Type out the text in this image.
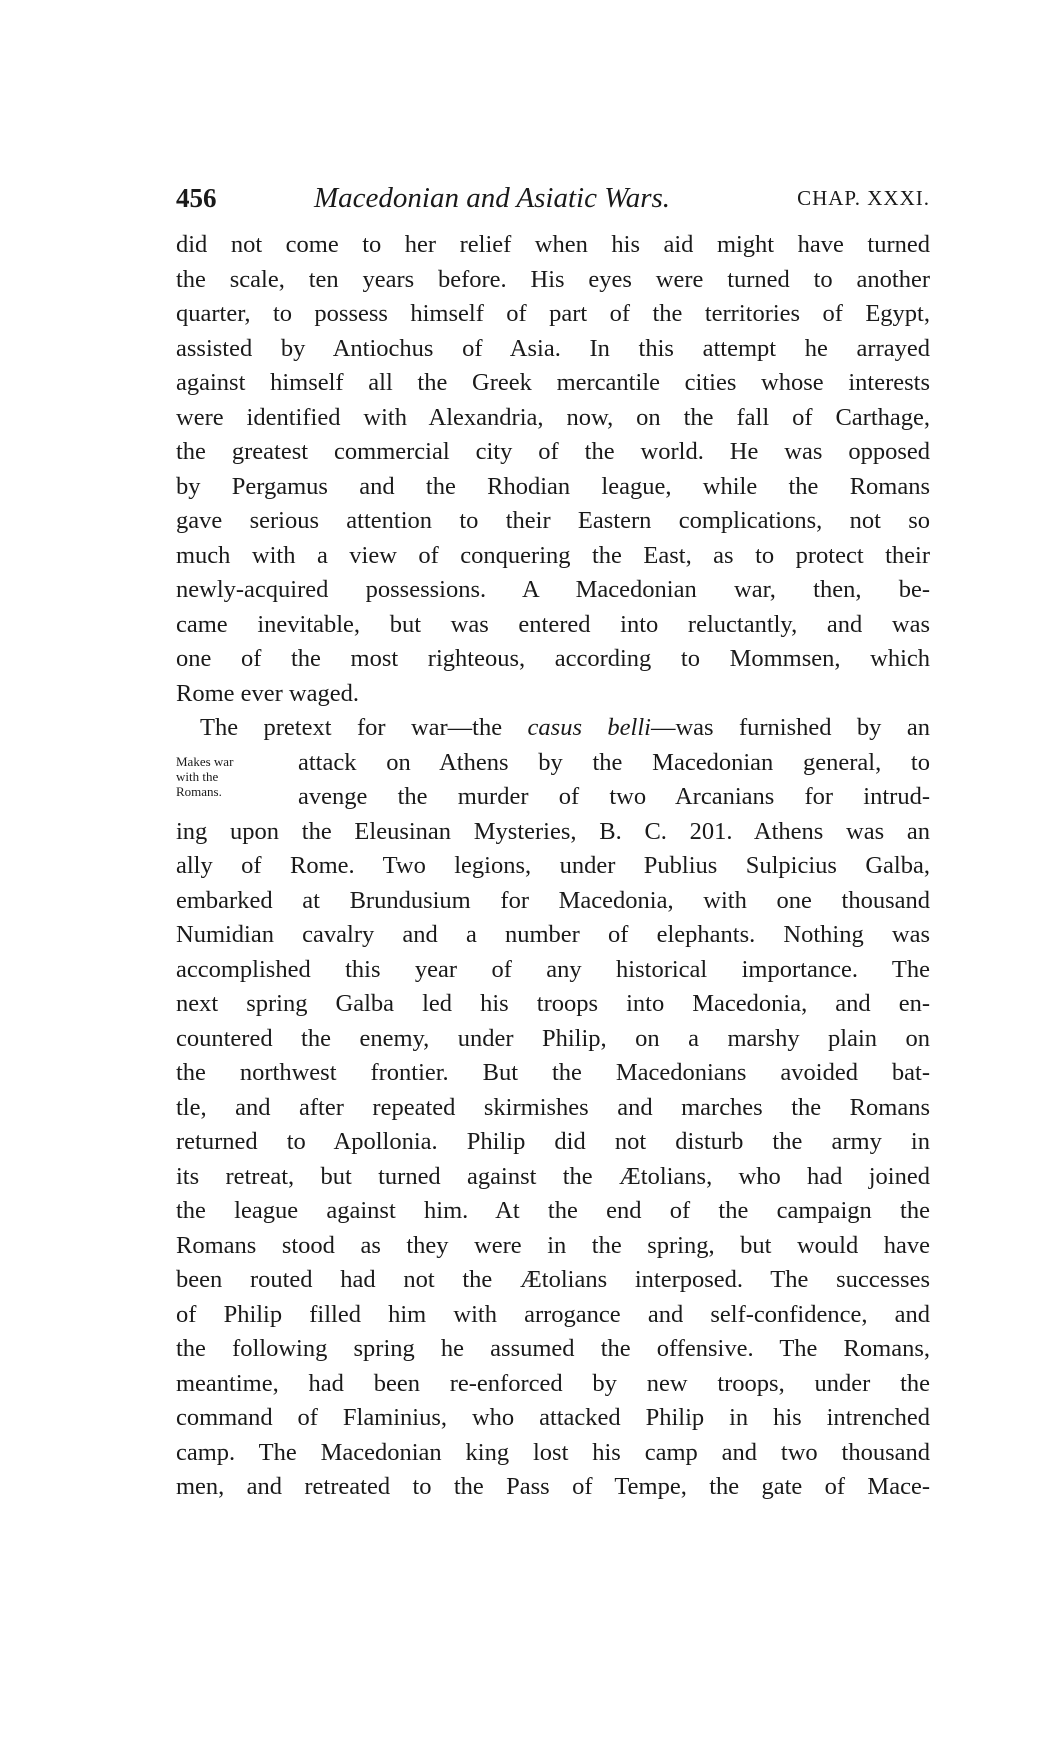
456	Macedonian and Asiatic Wars.	CHAP. XXXI.
Makes war
with the
Romans.
did not come to her relief when his aid might have turned
the scale, ten years before. His eyes were turned to another
quarter, to possess himself of part of the territories of Egypt,
assisted by Antiochus of Asia. In this attempt he arrayed
against himself all the Greek mercantile cities whose interests
were identified with Alexandria, now, on the fall of Carthage,
the greatest commercial city of the world. He was opposed
by Pergamus and the Rhodian league, while the Romans
gave serious attention to their Eastern complications, not so
much with a view of conquering the East, as to protect their
newly-acquired possessions. A Macedonian war, then, be-
came inevitable, but was entered into reluctantly, and was
one of the most righteous, according to Mommsen, which
Rome ever waged.
The pretext for war—the casus belli—was furnished by an
attack on Athens by the Macedonian general, to
avenge the murder of two Arcanians for intrud-
ing upon the Eleusinan Mysteries, B. C. 201. Athens was an
ally of Rome. Two legions, under Publius Sulpicius Galba,
embarked at Brundusium for Macedonia, with one thousand
Numidian cavalry and a number of elephants. Nothing was
accomplished this year of any historical importance. The
next spring Galba led his troops into Macedonia, and en-
countered the enemy, under Philip, on a marshy plain on
the northwest frontier. But the Macedonians avoided bat-
tle, and after repeated skirmishes and marches the Romans
returned to Apollonia. Philip did not disturb the army in
its retreat, but turned against the Ætolians, who had joined
the league against him. At the end of the campaign the
Romans stood as they were in the spring, but would have
been routed had not the Ætolians interposed. The successes
of Philip filled him with arrogance and self-confidence, and
the following spring he assumed the offensive. The Romans,
meantime, had been re-enforced by new troops, under the
command of Flaminius, who attacked Philip in his intrenched
camp. The Macedonian king lost his camp and two thousand
men, and retreated to the Pass of Tempe, the gate of Mace-
